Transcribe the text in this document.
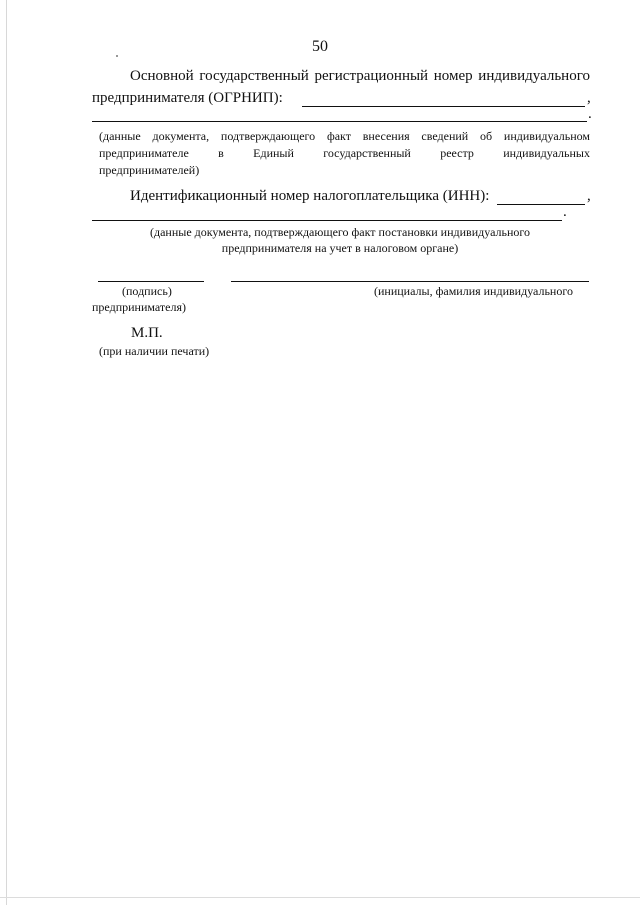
50
Основной государственный регистрационный номер индивидуального
предпринимателя (ОГРНИП):	,
.
(данные документа, подтверждающего факт внесения сведений об индивидуальном
предпринимателе в Единый государственный реестр индивидуальных
предпринимателей)
Идентификационный номер налогоплательщика (ИНН):	,
.
(данные документа, подтверждающего факт постановки индивидуального
предпринимателя на учет в налоговом органе)
(подпись)	(инициалы, фамилия индивидуального
предпринимателя)
М.П.
(при наличии печати)
